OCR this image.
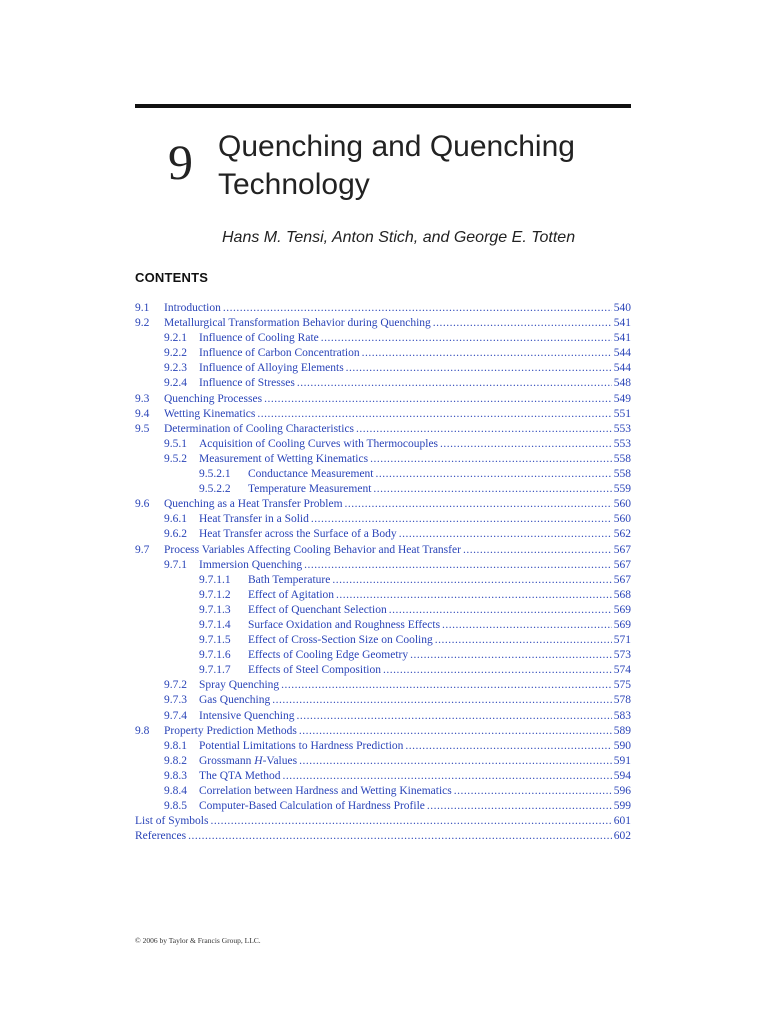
9 Quenching and Quenching
Technology
Hans M. Tensi, Anton Stich, and George E. Totten
CONTENTS
9.1	Introduction .....	540
9.2	Metallurgical Transformation Behavior during Quenching .....	541
9.2.1	Influence of Cooling Rate .....	541
9.2.2	Influence of Carbon Concentration .....	544
9.2.3	Influence of Alloying Elements .....	544
9.2.4	Influence of Stresses .....	548
9.3	Quenching Processes .....	549
9.4	Wetting Kinematics .....	551
9.5	Determination of Cooling Characteristics .....	553
9.5.1	Acquisition of Cooling Curves with Thermocouples .....	553
9.5.2	Measurement of Wetting Kinematics .....	558
9.5.2.1	Conductance Measurement .....	558
9.5.2.2	Temperature Measurement .....	559
9.6	Quenching as a Heat Transfer Problem .....	560
9.6.1	Heat Transfer in a Solid .....	560
9.6.2	Heat Transfer across the Surface of a Body .....	562
9.7	Process Variables Affecting Cooling Behavior and Heat Transfer .....	567
9.7.1	Immersion Quenching .....	567
9.7.1.1	Bath Temperature .....	567
9.7.1.2	Effect of Agitation .....	568
9.7.1.3	Effect of Quenchant Selection .....	569
9.7.1.4	Surface Oxidation and Roughness Effects .....	569
9.7.1.5	Effect of Cross-Section Size on Cooling .....	571
9.7.1.6	Effects of Cooling Edge Geometry .....	573
9.7.1.7	Effects of Steel Composition .....	574
9.7.2	Spray Quenching .....	575
9.7.3	Gas Quenching .....	578
9.7.4	Intensive Quenching .....	583
9.8	Property Prediction Methods .....	589
9.8.1	Potential Limitations to Hardness Prediction .....	590
9.8.2	Grossmann H-Values .....	591
9.8.3	The QTA Method .....	594
9.8.4	Correlation between Hardness and Wetting Kinematics .....	596
9.8.5	Computer-Based Calculation of Hardness Profile .....	599
List of Symbols .....	601
References .....	602
© 2006 by Taylor & Francis Group, LLC.
